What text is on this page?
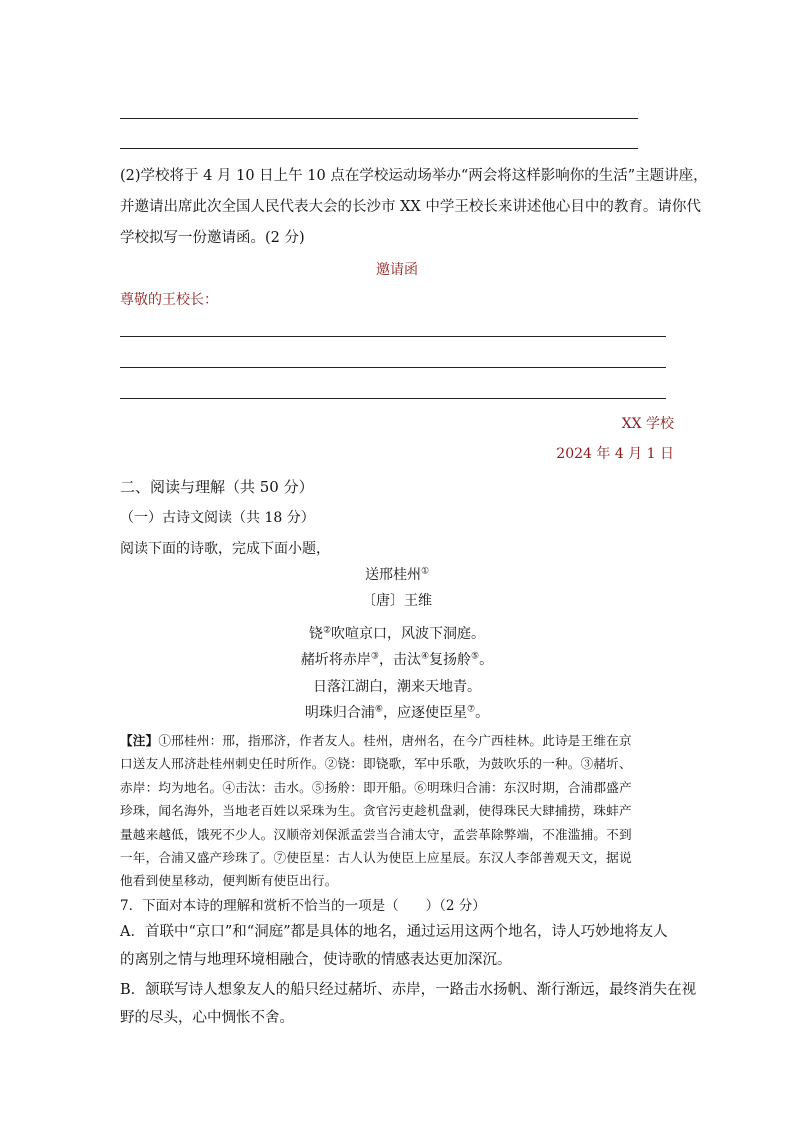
(2)学校将于 4 月 10 日上午 10 点在学校运动场举办“两会将这样影响你的生活”主题讲座，
并邀请出席此次全国人民代表大会的长沙市 XX 中学王校长来讲述他心目中的教育。请你代
学校拟写一份邀请函。(2 分)
邀请函
尊敬的王校长：
XX 学校
2024 年 4 月 1 日
二、阅读与理解（共 50 分）
（一）古诗文阅读（共 18 分）
阅读下面的诗歌，完成下面小题，
送邢桂州①
〔唐〕王维
铙②吹喧京口，风波下洞庭。
赭圻将赤岸③，击汰④复扬舲⑤。
日落江湖白，潮来天地青。
明珠归合浦⑥，应逐使臣星⑦。
【注】①邢桂州：邢，指邢济，作者友人。桂州，唐州名，在今广西桂林。此诗是王维在京
口送友人邢济赴桂州刺史任时所作。②铙：即铙歌，军中乐歌，为鼓吹乐的一种。③赭圻、
赤岸：均为地名。④击汰：击水。⑤扬舲：即开船。⑥明珠归合浦：东汉时期，合浦郡盛产
珍珠，闻名海外，当地老百姓以采珠为生。贪官污吏趁机盘剥，使得珠民大肆捕捞，珠蚌产
量越来越低，饿死不少人。汉顺帝刘保派孟尝当合浦太守，孟尝革除弊端，不准滥捕。不到
一年，合浦又盛产珍珠了。⑦使臣星：古人认为使臣上应星辰。东汉人李郃善观天文，据说
他看到使星移动，便判断有使臣出行。
7．下面对本诗的理解和赏析不恰当的一项是（　　）（2 分）
A．首联中“京口”和“洞庭”都是具体的地名，通过运用这两个地名，诗人巧妙地将友人
的离别之情与地理环境相融合，使诗歌的情感表达更加深沉。
B．颔联写诗人想象友人的船只经过赭圻、赤岸，一路击水扬帆、渐行渐远，最终消失在视
野的尽头，心中惆怅不舍。
